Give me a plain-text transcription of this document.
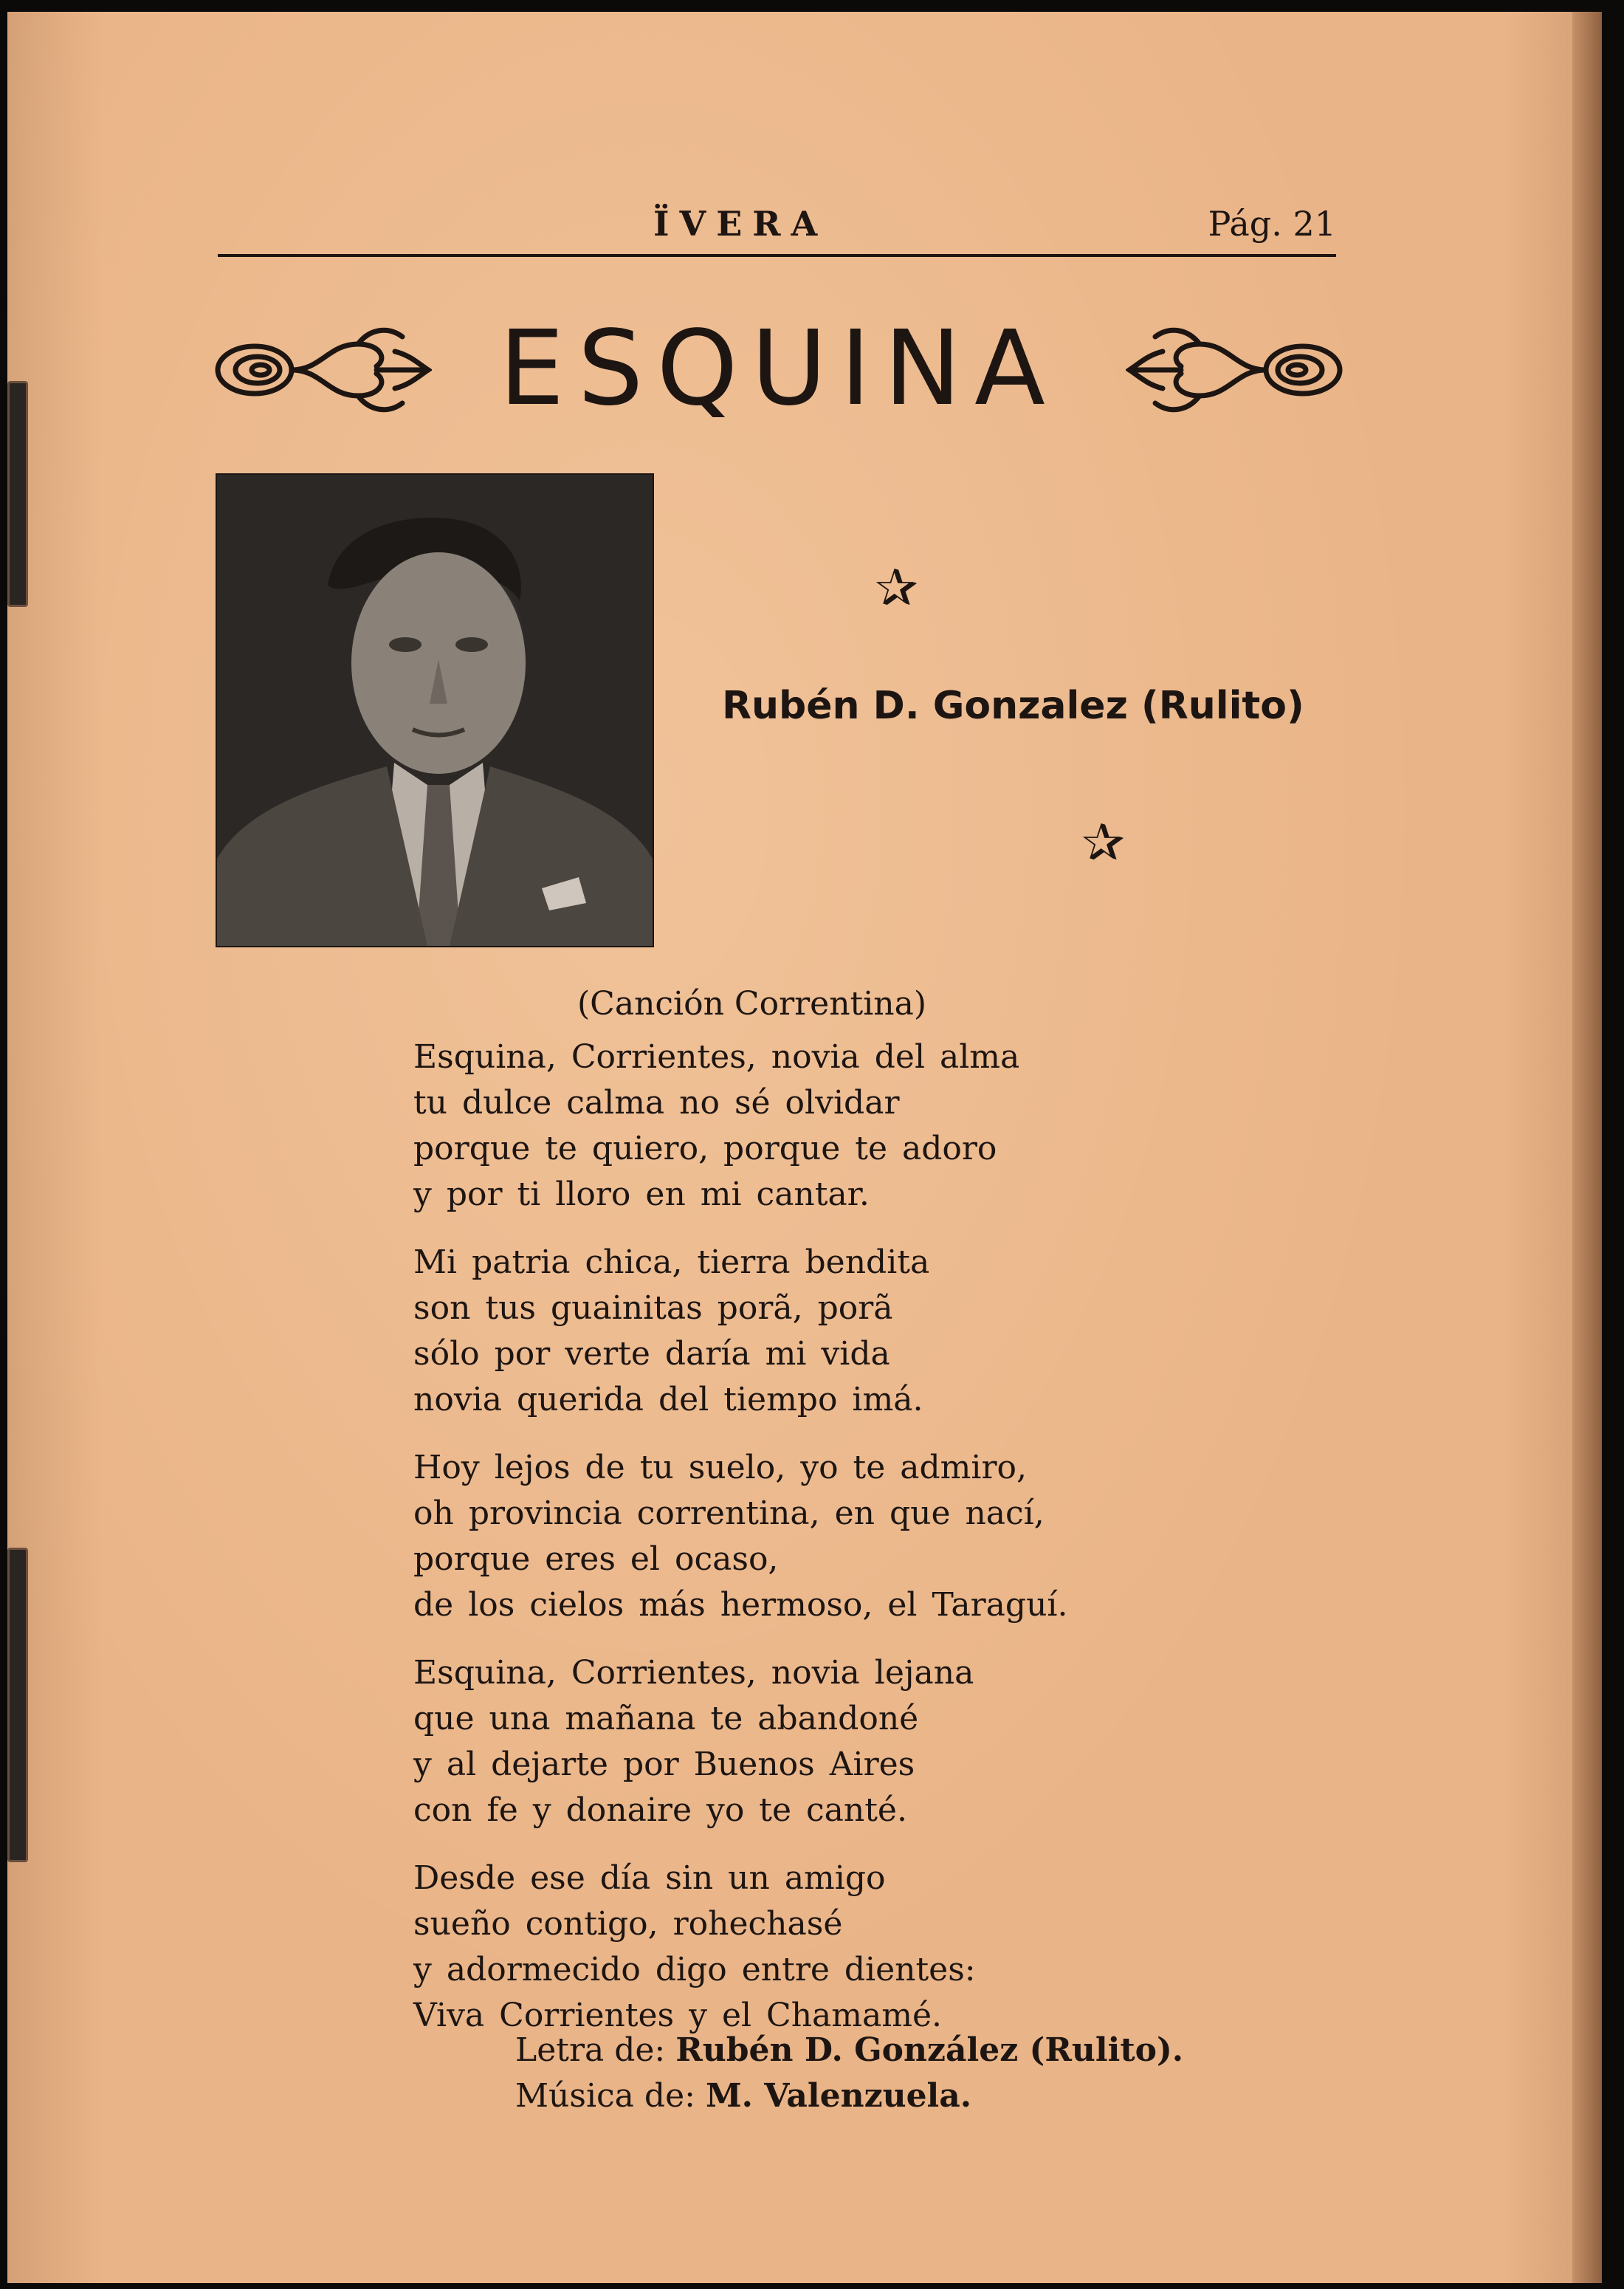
ÏVERA	Pág. 21
ESQUINA
✰
Rubén D. Gonzalez (Rulito)
✰
(Canción Correntina)
Esquina, Corrientes, novia del alma
tu dulce calma no sé olvidar
porque te quiero, porque te adoro
y por ti lloro en mi cantar.
Mi patria chica, tierra bendita
son tus guainitas porã, porã
sólo por verte daría mi vida
novia querida del tiempo imá.
Hoy lejos de tu suelo, yo te admiro,
oh provincia correntina, en que nací,
porque eres el ocaso,
de los cielos más hermoso, el Taraguí.
Esquina, Corrientes, novia lejana
que una mañana te abandoné
y al dejarte por Buenos Aires
con fe y donaire yo te canté.
Desde ese día sin un amigo
sueño contigo, rohechasé
y adormecido digo entre dientes:
Viva Corrientes y el Chamamé.
Letra de: Rubén D. González (Rulito).
Música de: M. Valenzuela.
